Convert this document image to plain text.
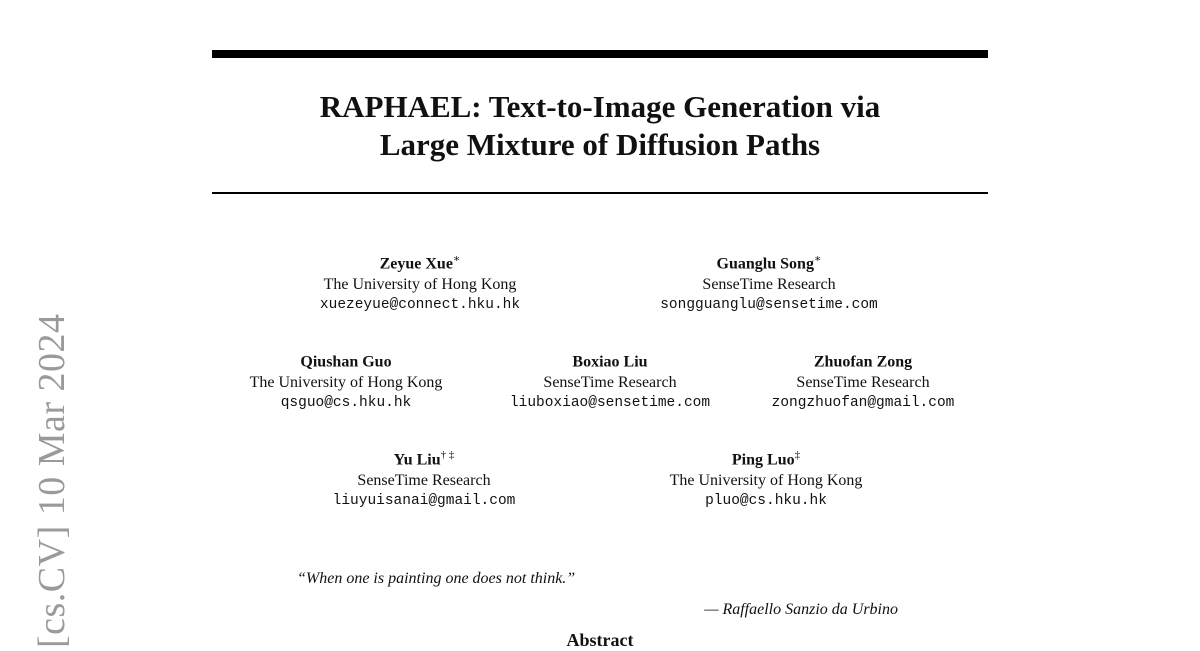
[cs.CV] 10 Mar 2024
RAPHAEL: Text-to-Image Generation via
Large Mixture of Diffusion Paths
Zeyue Xue∗
The University of Hong Kong
xuezeyue@connect.hku.hk
Guanglu Song∗
SenseTime Research
songguanglu@sensetime.com
Qiushan Guo
The University of Hong Kong
qsguo@cs.hku.hk
Boxiao Liu
SenseTime Research
liuboxiao@sensetime.com
Zhuofan Zong
SenseTime Research
zongzhuofan@gmail.com
Yu Liu† ‡
SenseTime Research
liuyuisanai@gmail.com
Ping Luo‡
The University of Hong Kong
pluo@cs.hku.hk
“When one is painting one does not think.”
— Raffaello Sanzio da Urbino
Abstract
